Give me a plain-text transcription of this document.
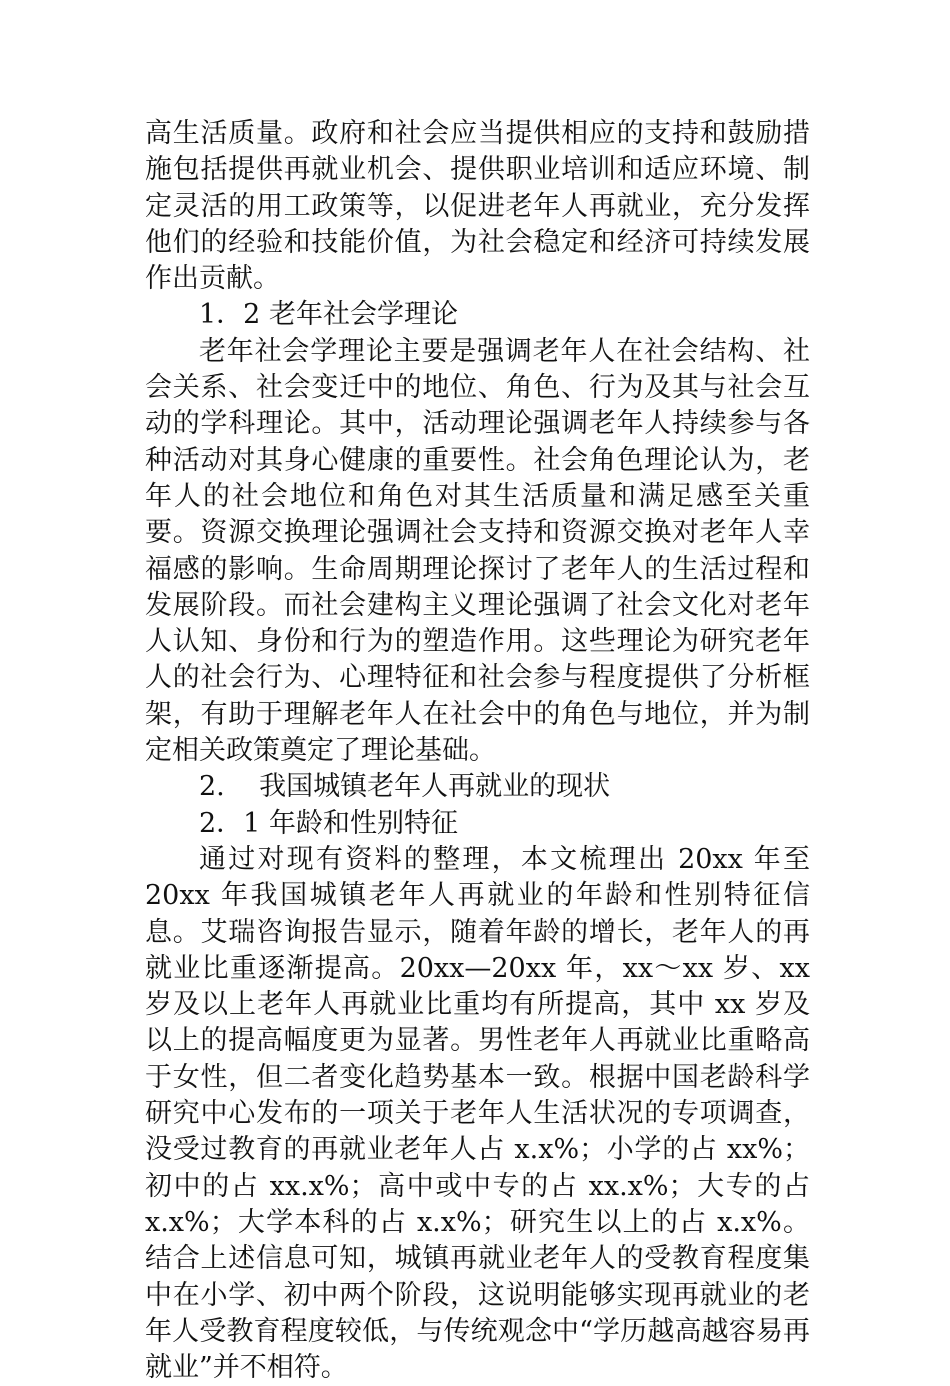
高生活质量。政府和社会应当提供相应的支持和鼓励措施包括提供再就业机会、提供职业培训和适应环境、制定灵活的用工政策等，以促进老年人再就业，充分发挥他们的经验和技能价值，为社会稳定和经济可持续发展作出贡献。

1．2 老年社会学理论

老年社会学理论主要是强调老年人在社会结构、社会关系、社会变迁中的地位、角色、行为及其与社会互动的学科理论。其中，活动理论强调老年人持续参与各种活动对其身心健康的重要性。社会角色理论认为，老年人的社会地位和角色对其生活质量和满足感至关重要。资源交换理论强调社会支持和资源交换对老年人幸福感的影响。生命周期理论探讨了老年人的生活过程和发展阶段。而社会建构主义理论强调了社会文化对老年人认知、身份和行为的塑造作用。这些理论为研究老年人的社会行为、心理特征和社会参与程度提供了分析框架，有助于理解老年人在社会中的角色与地位，并为制定相关政策奠定了理论基础。

2.    我国城镇老年人再就业的现状

2．1 年龄和性别特征

通过对现有资料的整理，本文梳理出 20xx 年至 20xx 年我国城镇老年人再就业的年龄和性别特征信息。艾瑞咨询报告显示，随着年龄的增长，老年人的再就业比重逐渐提高。20xx—20xx 年，xx～xx 岁、xx 岁及以上老年人再就业比重均有所提高，其中 xx 岁及以上的提高幅度更为显著。男性老年人再就业比重略高于女性，但二者变化趋势基本一致。根据中国老龄科学研究中心发布的一项关于老年人生活状况的专项调查，没受过教育的再就业老年人占 x.x%；小学的占 xx%；初中的占 xx.x%；高中或中专的占 xx.x%；大专的占 x.x%；大学本科的占 x.x%；研究生以上的占 x.x%。结合上述信息可知，城镇再就业老年人的受教育程度集中在小学、初中两个阶段，这说明能够实现再就业的老年人受教育程度较低，与传统观念中“学历越高越容易再就业”并不相符。
